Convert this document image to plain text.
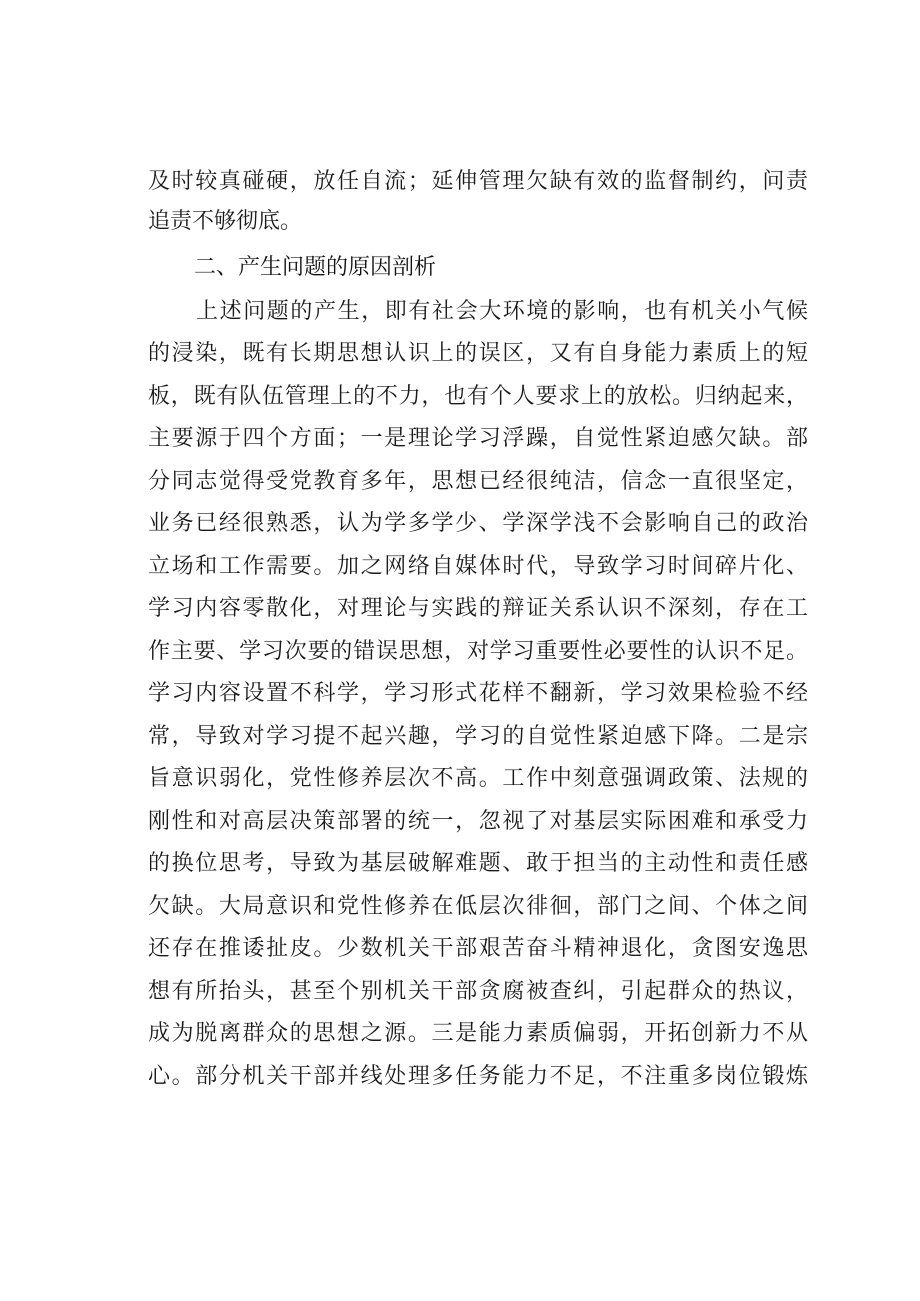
及时较真碰硬，放任自流；延伸管理欠缺有效的监督制约，问责
追责不够彻底。
二、产生问题的原因剖析
上述问题的产生，即有社会大环境的影响，也有机关小气候
的浸染，既有长期思想认识上的误区，又有自身能力素质上的短
板，既有队伍管理上的不力，也有个人要求上的放松。归纳起来，
主要源于四个方面；一是理论学习浮躁，自觉性紧迫感欠缺。部
分同志觉得受党教育多年，思想已经很纯洁，信念一直很坚定，
业务已经很熟悉，认为学多学少、学深学浅不会影响自己的政治
立场和工作需要。加之网络自媒体时代，导致学习时间碎片化、
学习内容零散化，对理论与实践的辩证关系认识不深刻，存在工
作主要、学习次要的错误思想，对学习重要性必要性的认识不足。
学习内容设置不科学，学习形式花样不翻新，学习效果检验不经
常，导致对学习提不起兴趣，学习的自觉性紧迫感下降。二是宗
旨意识弱化，党性修养层次不高。工作中刻意强调政策、法规的
刚性和对高层决策部署的统一，忽视了对基层实际困难和承受力
的换位思考，导致为基层破解难题、敢于担当的主动性和责任感
欠缺。大局意识和党性修养在低层次徘徊，部门之间、个体之间
还存在推诿扯皮。少数机关干部艰苦奋斗精神退化，贪图安逸思
想有所抬头，甚至个别机关干部贪腐被查纠，引起群众的热议，
成为脱离群众的思想之源。三是能力素质偏弱，开拓创新力不从
心。部分机关干部并线处理多任务能力不足，不注重多岗位锻炼
